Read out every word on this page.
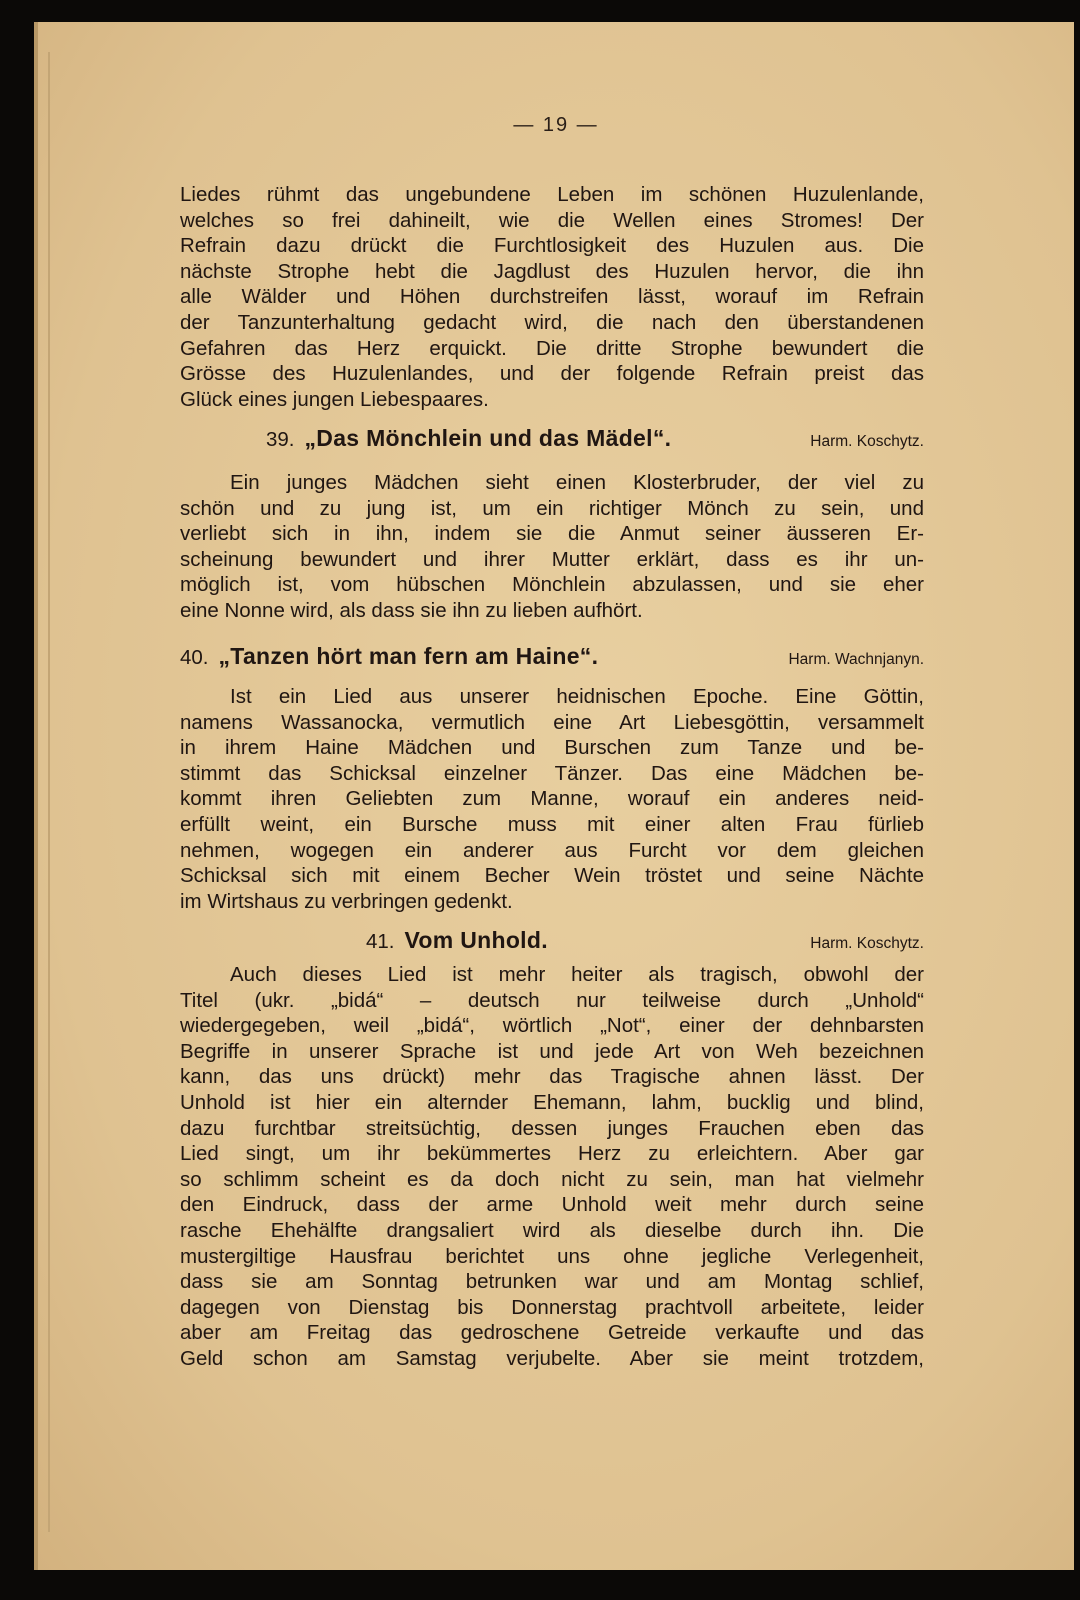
— 19 —
Liedes rühmt das ungebundene Leben im schönen Huzulenlande,
welches so frei dahineilt, wie die Wellen eines Stromes! Der
Refrain dazu drückt die Furchtlosigkeit des Huzulen aus. Die
nächste Strophe hebt die Jagdlust des Huzulen hervor, die ihn
alle Wälder und Höhen durchstreifen lässt, worauf im Refrain
der Tanzunterhaltung gedacht wird, die nach den überstandenen
Gefahren das Herz erquickt. Die dritte Strophe bewundert die
Grösse des Huzulenlandes, und der folgende Refrain preist das
Glück eines jungen Liebespaares.
39. „Das Mönchlein und das Mädel“.	Harm. Koschytz.
Ein junges Mädchen sieht einen Klosterbruder, der viel zu
schön und zu jung ist, um ein richtiger Mönch zu sein, und
verliebt sich in ihn, indem sie die Anmut seiner äusseren Er-
scheinung bewundert und ihrer Mutter erklärt, dass es ihr un-
möglich ist, vom hübschen Mönchlein abzulassen, und sie eher
eine Nonne wird, als dass sie ihn zu lieben aufhört.
40. „Tanzen hört man fern am Haine“.	Harm. Wachnjanyn.
Ist ein Lied aus unserer heidnischen Epoche. Eine Göttin,
namens Wassanocka, vermutlich eine Art Liebesgöttin, versammelt
in ihrem Haine Mädchen und Burschen zum Tanze und be-
stimmt das Schicksal einzelner Tänzer. Das eine Mädchen be-
kommt ihren Geliebten zum Manne, worauf ein anderes neid-
erfüllt weint, ein Bursche muss mit einer alten Frau fürlieb
nehmen, wogegen ein anderer aus Furcht vor dem gleichen
Schicksal sich mit einem Becher Wein tröstet und seine Nächte
im Wirtshaus zu verbringen gedenkt.
41. Vom Unhold.	Harm. Koschytz.
Auch dieses Lied ist mehr heiter als tragisch, obwohl der
Titel (ukr. „bidá“ – deutsch nur teilweise durch „Unhold“
wiedergegeben, weil „bidá“, wörtlich „Not“, einer der dehnbarsten
Begriffe in unserer Sprache ist und jede Art von Weh bezeichnen
kann, das uns drückt) mehr das Tragische ahnen lässt. Der
Unhold ist hier ein alternder Ehemann, lahm, bucklig und blind,
dazu furchtbar streitsüchtig, dessen junges Frauchen eben das
Lied singt, um ihr bekümmertes Herz zu erleichtern. Aber gar
so schlimm scheint es da doch nicht zu sein, man hat vielmehr
den Eindruck, dass der arme Unhold weit mehr durch seine
rasche Ehehälfte drangsaliert wird als dieselbe durch ihn. Die
mustergiltige Hausfrau berichtet uns ohne jegliche Verlegenheit,
dass sie am Sonntag betrunken war und am Montag schlief,
dagegen von Dienstag bis Donnerstag prachtvoll arbeitete, leider
aber am Freitag das gedroschene Getreide verkaufte und das
Geld schon am Samstag verjubelte. Aber sie meint trotzdem,
